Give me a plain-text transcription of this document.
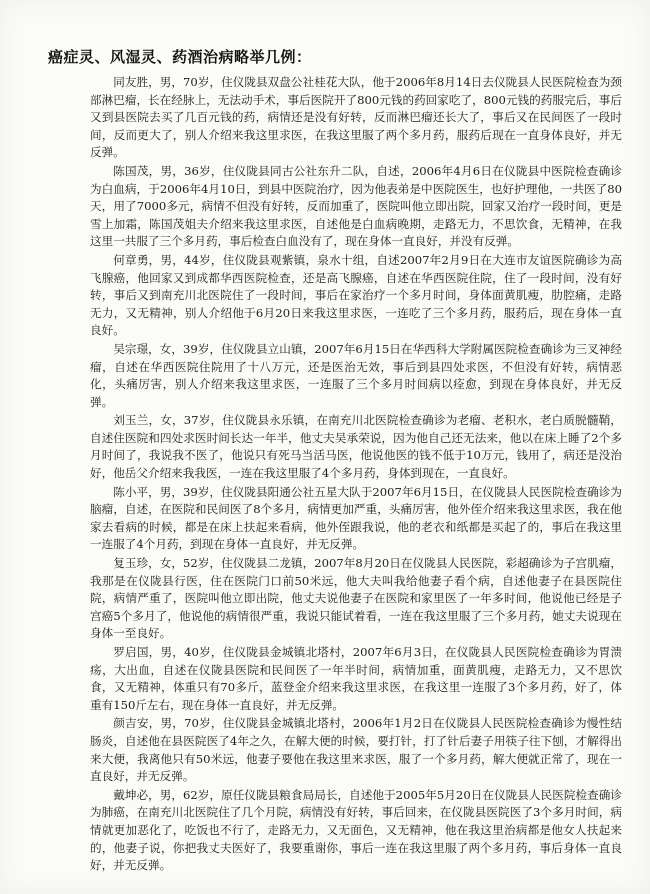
癌症灵、风湿灵、药酒治病略举几例：

同友胜，男，70岁，住仪陇县双盘公社桂花大队，他于2006年8月14日去仪陇县人民医院检查为颈部淋巴瘤，长在经脉上，无法动手术，事后医院开了800元钱的药回家吃了，800元钱的药服完后，事后又到县医院去买了几百元钱的药，病情还是没有好转，反而淋巴瘤还长大了，事后又在民间医了一段时间，反而更大了，别人介绍来我这里求医，在我这里服了两个多月药，服药后现在一直身体良好，并无反弹。

陈国茂，男，36岁，住仪陇县同古公社东升二队，自述，2006年4月6日在仪陇县中医院检查确诊为白血病，于2006年4月10日，到县中医院治疗，因为他表弟是中医院医生，也好护理他，一共医了80天，用了7000多元，病情不但没有好转，反而加重了，医院叫他立即出院，回家又治疗一段时间，更是雪上加霜，陈国茂姐夫介绍来我这里求医，自述他是白血病晚期，走路无力，不思饮食，无精神，在我这里一共服了三个多月药，事后检查白血没有了，现在身体一直良好，并没有反弹。

何章勇，男，44岁，住仪陇县观紫镇，泉水十组，自述2007年2月9日在大连市友谊医院确诊为高飞腺癌，他回家又到成都华西医院检查，还是高飞腺癌，自述在华西医院住院，住了一段时间，没有好转，事后又到南充川北医院住了一段时间，事后在家治疗一个多月时间，身体面黄肌瘦，肋腔痛，走路无力，又无精神，别人介绍他于6月20日来我这里求医，一连吃了三个多月药，服药后，现在身体一直良好。

吴宗璟，女，39岁，住仪陇县立山镇，2007年6月15日在华西科大学附属医院检查确诊为三叉神经瘤，自述在华西医院住院用了十八万元，还是医治无效，事后到县四处求医，不但没有好转，病情恶化，头痛厉害，别人介绍来我这里求医，一连服了三个多月时间病以痊愈，到现在身体良好，并无反弹。

刘玉兰，女，37岁，住仪陇县永乐镇，在南充川北医院检查确诊为老瘤、老积水，老白质脱髓鞘，自述住医院和四处求医时间长达一年半，他丈夫吴承荣说，因为他自己还无法来，他以在床上睡了2个多月时间了，我说我不医了，他说只有死马当活马医，他说他医的钱不低于10万元，钱用了，病还是没治好，他岳父介绍来我我医，一连在我这里服了4个多月药，身体到现在，一直良好。

陈小平，男，39岁，住仪陇县阳通公社五星大队于2007年6月15日，在仪陇县人民医院检查确诊为脑瘤，自述，在医院和民间医了8个多月，病情更加严重，头痛厉害，他外侄介绍来我这里求医，我在他家去看病的时候，都是在床上扶起来看病，他外侄跟我说，他的老衣和纸都是买起了的，事后在我这里一连服了4个月药，到现在身体一直良好，并无反弹。

复玉珍，女，52岁，住仪陇县二龙镇，2007年8月20日在仪陇县人民医院，彩超确诊为子宫肌瘤，我那是在仪陇县行医，住在医院门口前50米远，他大夫叫我给他妻子看个病，自述他妻子在县医院住院，病情严重了，医院叫他立即出院，他丈夫说他妻子在医院和家里医了一年多时间，他说他已经是子宫癌5个多月了，他说他的病情很严重，我说只能试着看，一连在我这里服了三个多月药，她丈夫说现在身体一至良好。

罗启国，男，40岁，住仪陇县金城镇北塔村，2007年6月3日，在仪陇县人民医院检查确诊为胃溃疡，大出血，自述在仪陇县医院和民间医了一年半时间，病情加重，面黄肌瘦，走路无力，又不思饮食，又无精神，体重只有70多斤，蓝登金介绍来我这里求医，在我这里一连服了3个多月药，好了，体重有150斤左右，现在身体一直良好，并无反弹。

颜吉安，男，70岁，住仪陇县金城镇北塔村，2006年1月2日在仪陇县人民医院检查确诊为慢性结肠炎，自述他在县医院医了4年之久，在解大便的时候，要打针，打了针后妻子用筷子往下刨，才解得出来大便，我离他只有50米远，他妻子要他在我这里来求医，服了一个多月药，解大便就正常了，现在一直良好，并无反弹。

戴坤必，男，62岁，原任仪陇县粮食局局长，自述他于2005年5月20日在仪陇县人民医院检查确诊为肺癌，在南充川北医院住了几个月院，病情没有好转，事后回来，在仪陇县医院医了3个多月时间，病情就更加恶化了，吃饭也不行了，走路无力，又无面色，又无精神，他在我这里治病都是他女人扶起来的，他妻子说，你把我丈夫医好了，我要重谢你，事后一连在我这里服了两个多月药，事后身体一直良好，并无反弹。
